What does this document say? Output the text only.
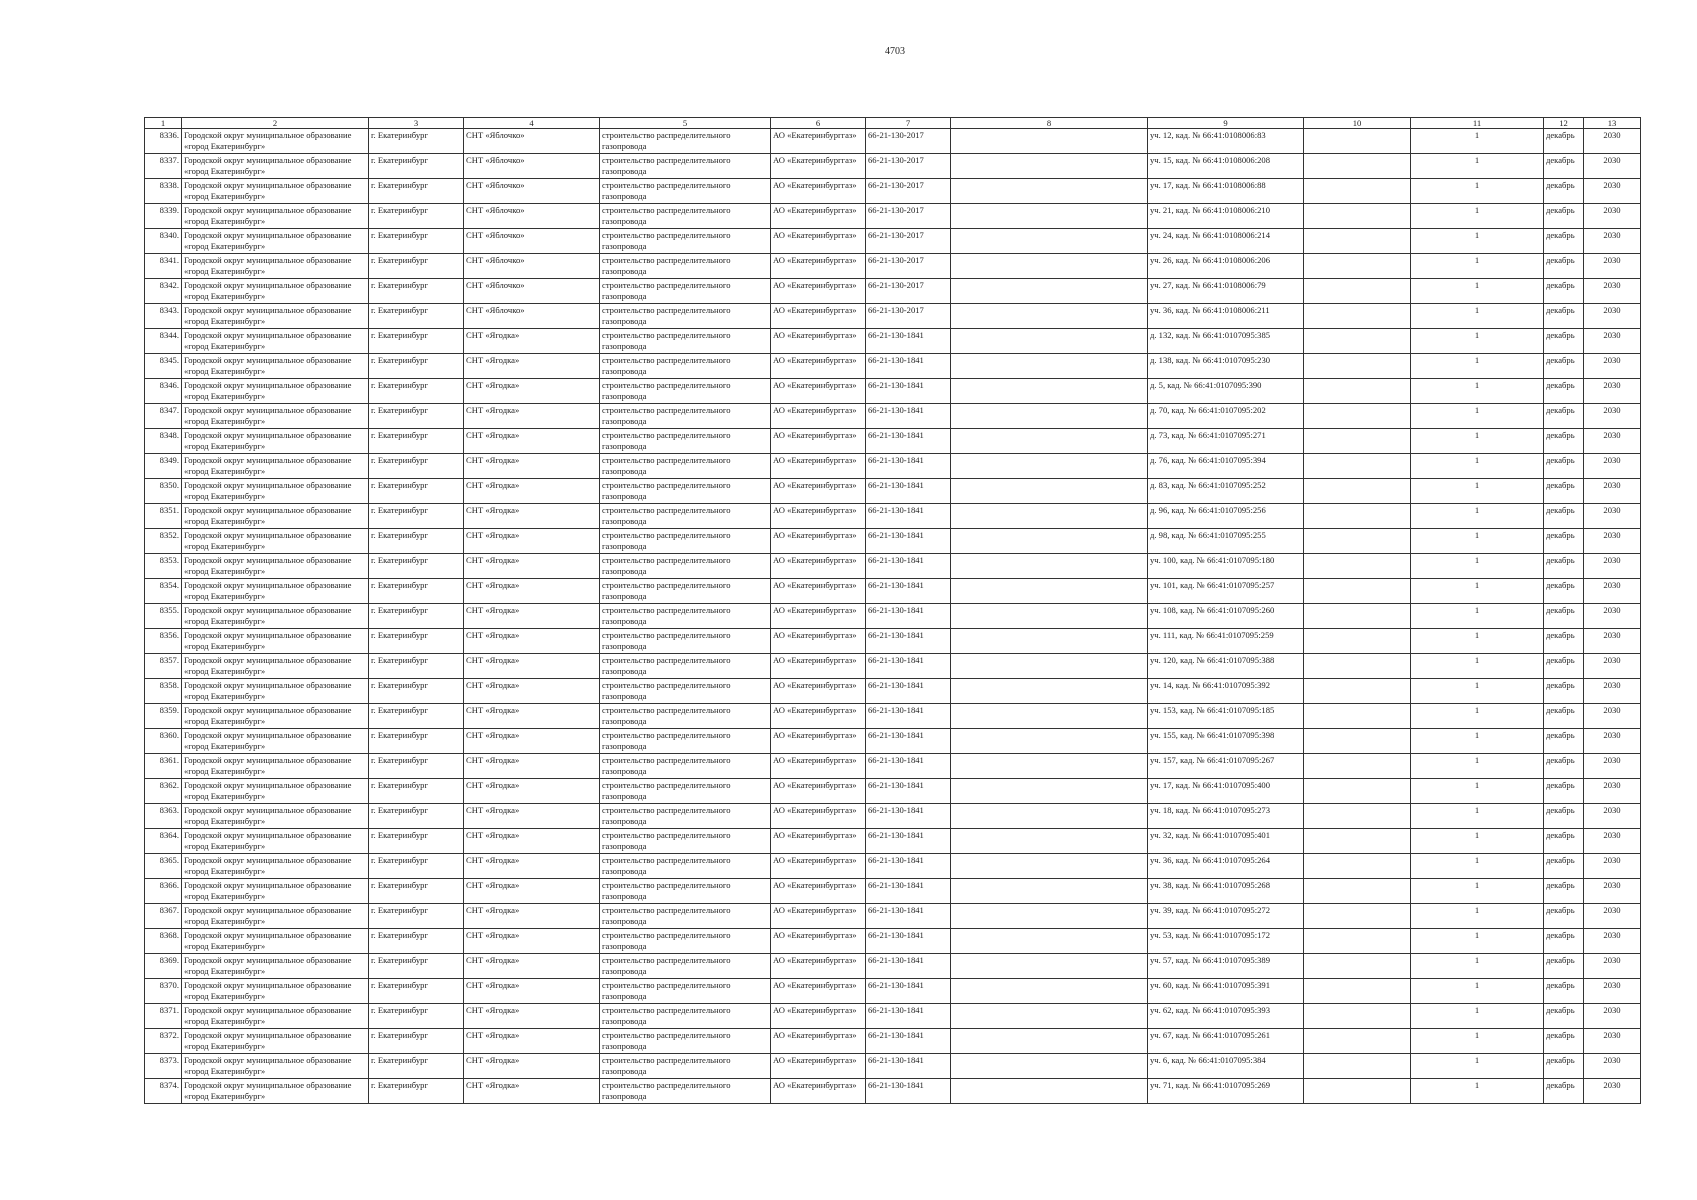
4703
1	2	3	4	5	6	7	8	9	10	11	12	13
8336.	Городской округ муниципальное образование «город Екатеринбург»	г. Екатеринбург	СНТ «Яблочко»	строительство распределительного газопровода	АО «Екатеринбурггаз»	66-21-130-2017		уч. 12, кад. № 66:41:0108006:83		1	декабрь	2030
8337.	Городской округ муниципальное образование «город Екатеринбург»	г. Екатеринбург	СНТ «Яблочко»	строительство распределительного газопровода	АО «Екатеринбурггаз»	66-21-130-2017		уч. 15, кад. № 66:41:0108006:208		1	декабрь	2030
8338.	Городской округ муниципальное образование «город Екатеринбург»	г. Екатеринбург	СНТ «Яблочко»	строительство распределительного газопровода	АО «Екатеринбурггаз»	66-21-130-2017		уч. 17, кад. № 66:41:0108006:88		1	декабрь	2030
8339.	Городской округ муниципальное образование «город Екатеринбург»	г. Екатеринбург	СНТ «Яблочко»	строительство распределительного газопровода	АО «Екатеринбурггаз»	66-21-130-2017		уч. 21, кад. № 66:41:0108006:210		1	декабрь	2030
8340.	Городской округ муниципальное образование «город Екатеринбург»	г. Екатеринбург	СНТ «Яблочко»	строительство распределительного газопровода	АО «Екатеринбурггаз»	66-21-130-2017		уч. 24, кад. № 66:41:0108006:214		1	декабрь	2030
8341.	Городской округ муниципальное образование «город Екатеринбург»	г. Екатеринбург	СНТ «Яблочко»	строительство распределительного газопровода	АО «Екатеринбурггаз»	66-21-130-2017		уч. 26, кад. № 66:41:0108006:206		1	декабрь	2030
8342.	Городской округ муниципальное образование «город Екатеринбург»	г. Екатеринбург	СНТ «Яблочко»	строительство распределительного газопровода	АО «Екатеринбурггаз»	66-21-130-2017		уч. 27, кад. № 66:41:0108006:79		1	декабрь	2030
8343.	Городской округ муниципальное образование «город Екатеринбург»	г. Екатеринбург	СНТ «Яблочко»	строительство распределительного газопровода	АО «Екатеринбурггаз»	66-21-130-2017		уч. 36, кад. № 66:41:0108006:211		1	декабрь	2030
8344.	Городской округ муниципальное образование «город Екатеринбург»	г. Екатеринбург	СНТ «Ягодка»	строительство распределительного газопровода	АО «Екатеринбурггаз»	66-21-130-1841		д. 132, кад. № 66:41:0107095:385		1	декабрь	2030
8345.	Городской округ муниципальное образование «город Екатеринбург»	г. Екатеринбург	СНТ «Ягодка»	строительство распределительного газопровода	АО «Екатеринбурггаз»	66-21-130-1841		д. 138, кад. № 66:41:0107095:230		1	декабрь	2030
8346.	Городской округ муниципальное образование «город Екатеринбург»	г. Екатеринбург	СНТ «Ягодка»	строительство распределительного газопровода	АО «Екатеринбурггаз»	66-21-130-1841		д. 5, кад. № 66:41:0107095:390		1	декабрь	2030
8347.	Городской округ муниципальное образование «город Екатеринбург»	г. Екатеринбург	СНТ «Ягодка»	строительство распределительного газопровода	АО «Екатеринбурггаз»	66-21-130-1841		д. 70, кад. № 66:41:0107095:202		1	декабрь	2030
8348.	Городской округ муниципальное образование «город Екатеринбург»	г. Екатеринбург	СНТ «Ягодка»	строительство распределительного газопровода	АО «Екатеринбурггаз»	66-21-130-1841		д. 73, кад. № 66:41:0107095:271		1	декабрь	2030
8349.	Городской округ муниципальное образование «город Екатеринбург»	г. Екатеринбург	СНТ «Ягодка»	строительство распределительного газопровода	АО «Екатеринбурггаз»	66-21-130-1841		д. 76, кад. № 66:41:0107095:394		1	декабрь	2030
8350.	Городской округ муниципальное образование «город Екатеринбург»	г. Екатеринбург	СНТ «Ягодка»	строительство распределительного газопровода	АО «Екатеринбурггаз»	66-21-130-1841		д. 83, кад. № 66:41:0107095:252		1	декабрь	2030
8351.	Городской округ муниципальное образование «город Екатеринбург»	г. Екатеринбург	СНТ «Ягодка»	строительство распределительного газопровода	АО «Екатеринбурггаз»	66-21-130-1841		д. 96, кад. № 66:41:0107095:256		1	декабрь	2030
8352.	Городской округ муниципальное образование «город Екатеринбург»	г. Екатеринбург	СНТ «Ягодка»	строительство распределительного газопровода	АО «Екатеринбурггаз»	66-21-130-1841		д. 98, кад. № 66:41:0107095:255		1	декабрь	2030
8353.	Городской округ муниципальное образование «город Екатеринбург»	г. Екатеринбург	СНТ «Ягодка»	строительство распределительного газопровода	АО «Екатеринбурггаз»	66-21-130-1841		уч. 100, кад. № 66:41:0107095:180		1	декабрь	2030
8354.	Городской округ муниципальное образование «город Екатеринбург»	г. Екатеринбург	СНТ «Ягодка»	строительство распределительного газопровода	АО «Екатеринбурггаз»	66-21-130-1841		уч. 101, кад. № 66:41:0107095:257		1	декабрь	2030
8355.	Городской округ муниципальное образование «город Екатеринбург»	г. Екатеринбург	СНТ «Ягодка»	строительство распределительного газопровода	АО «Екатеринбурггаз»	66-21-130-1841		уч. 108, кад. № 66:41:0107095:260		1	декабрь	2030
8356.	Городской округ муниципальное образование «город Екатеринбург»	г. Екатеринбург	СНТ «Ягодка»	строительство распределительного газопровода	АО «Екатеринбурггаз»	66-21-130-1841		уч. 111, кад. № 66:41:0107095:259		1	декабрь	2030
8357.	Городской округ муниципальное образование «город Екатеринбург»	г. Екатеринбург	СНТ «Ягодка»	строительство распределительного газопровода	АО «Екатеринбурггаз»	66-21-130-1841		уч. 120, кад. № 66:41:0107095:388		1	декабрь	2030
8358.	Городской округ муниципальное образование «город Екатеринбург»	г. Екатеринбург	СНТ «Ягодка»	строительство распределительного газопровода	АО «Екатеринбурггаз»	66-21-130-1841		уч. 14, кад. № 66:41:0107095:392		1	декабрь	2030
8359.	Городской округ муниципальное образование «город Екатеринбург»	г. Екатеринбург	СНТ «Ягодка»	строительство распределительного газопровода	АО «Екатеринбурггаз»	66-21-130-1841		уч. 153, кад. № 66:41:0107095:185		1	декабрь	2030
8360.	Городской округ муниципальное образование «город Екатеринбург»	г. Екатеринбург	СНТ «Ягодка»	строительство распределительного газопровода	АО «Екатеринбурггаз»	66-21-130-1841		уч. 155, кад. № 66:41:0107095:398		1	декабрь	2030
8361.	Городской округ муниципальное образование «город Екатеринбург»	г. Екатеринбург	СНТ «Ягодка»	строительство распределительного газопровода	АО «Екатеринбурггаз»	66-21-130-1841		уч. 157, кад. № 66:41:0107095:267		1	декабрь	2030
8362.	Городской округ муниципальное образование «город Екатеринбург»	г. Екатеринбург	СНТ «Ягодка»	строительство распределительного газопровода	АО «Екатеринбурггаз»	66-21-130-1841		уч. 17, кад. № 66:41:0107095:400		1	декабрь	2030
8363.	Городской округ муниципальное образование «город Екатеринбург»	г. Екатеринбург	СНТ «Ягодка»	строительство распределительного газопровода	АО «Екатеринбурггаз»	66-21-130-1841		уч. 18, кад. № 66:41:0107095:273		1	декабрь	2030
8364.	Городской округ муниципальное образование «город Екатеринбург»	г. Екатеринбург	СНТ «Ягодка»	строительство распределительного газопровода	АО «Екатеринбурггаз»	66-21-130-1841		уч. 32, кад. № 66:41:0107095:401		1	декабрь	2030
8365.	Городской округ муниципальное образование «город Екатеринбург»	г. Екатеринбург	СНТ «Ягодка»	строительство распределительного газопровода	АО «Екатеринбурггаз»	66-21-130-1841		уч. 36, кад. № 66:41:0107095:264		1	декабрь	2030
8366.	Городской округ муниципальное образование «город Екатеринбург»	г. Екатеринбург	СНТ «Ягодка»	строительство распределительного газопровода	АО «Екатеринбурггаз»	66-21-130-1841		уч. 38, кад. № 66:41:0107095:268		1	декабрь	2030
8367.	Городской округ муниципальное образование «город Екатеринбург»	г. Екатеринбург	СНТ «Ягодка»	строительство распределительного газопровода	АО «Екатеринбурггаз»	66-21-130-1841		уч. 39, кад. № 66:41:0107095:272		1	декабрь	2030
8368.	Городской округ муниципальное образование «город Екатеринбург»	г. Екатеринбург	СНТ «Ягодка»	строительство распределительного газопровода	АО «Екатеринбурггаз»	66-21-130-1841		уч. 53, кад. № 66:41:0107095:172		1	декабрь	2030
8369.	Городской округ муниципальное образование «город Екатеринбург»	г. Екатеринбург	СНТ «Ягодка»	строительство распределительного газопровода	АО «Екатеринбурггаз»	66-21-130-1841		уч. 57, кад. № 66:41:0107095:389		1	декабрь	2030
8370.	Городской округ муниципальное образование «город Екатеринбург»	г. Екатеринбург	СНТ «Ягодка»	строительство распределительного газопровода	АО «Екатеринбурггаз»	66-21-130-1841		уч. 60, кад. № 66:41:0107095:391		1	декабрь	2030
8371.	Городской округ муниципальное образование «город Екатеринбург»	г. Екатеринбург	СНТ «Ягодка»	строительство распределительного газопровода	АО «Екатеринбурггаз»	66-21-130-1841		уч. 62, кад. № 66:41:0107095:393		1	декабрь	2030
8372.	Городской округ муниципальное образование «город Екатеринбург»	г. Екатеринбург	СНТ «Ягодка»	строительство распределительного газопровода	АО «Екатеринбурггаз»	66-21-130-1841		уч. 67, кад. № 66:41:0107095:261		1	декабрь	2030
8373.	Городской округ муниципальное образование «город Екатеринбург»	г. Екатеринбург	СНТ «Ягодка»	строительство распределительного газопровода	АО «Екатеринбурггаз»	66-21-130-1841		уч. 6, кад. № 66:41:0107095:384		1	декабрь	2030
8374.	Городской округ муниципальное образование «город Екатеринбург»	г. Екатеринбург	СНТ «Ягодка»	строительство распределительного газопровода	АО «Екатеринбурггаз»	66-21-130-1841		уч. 71, кад. № 66:41:0107095:269		1	декабрь	2030
